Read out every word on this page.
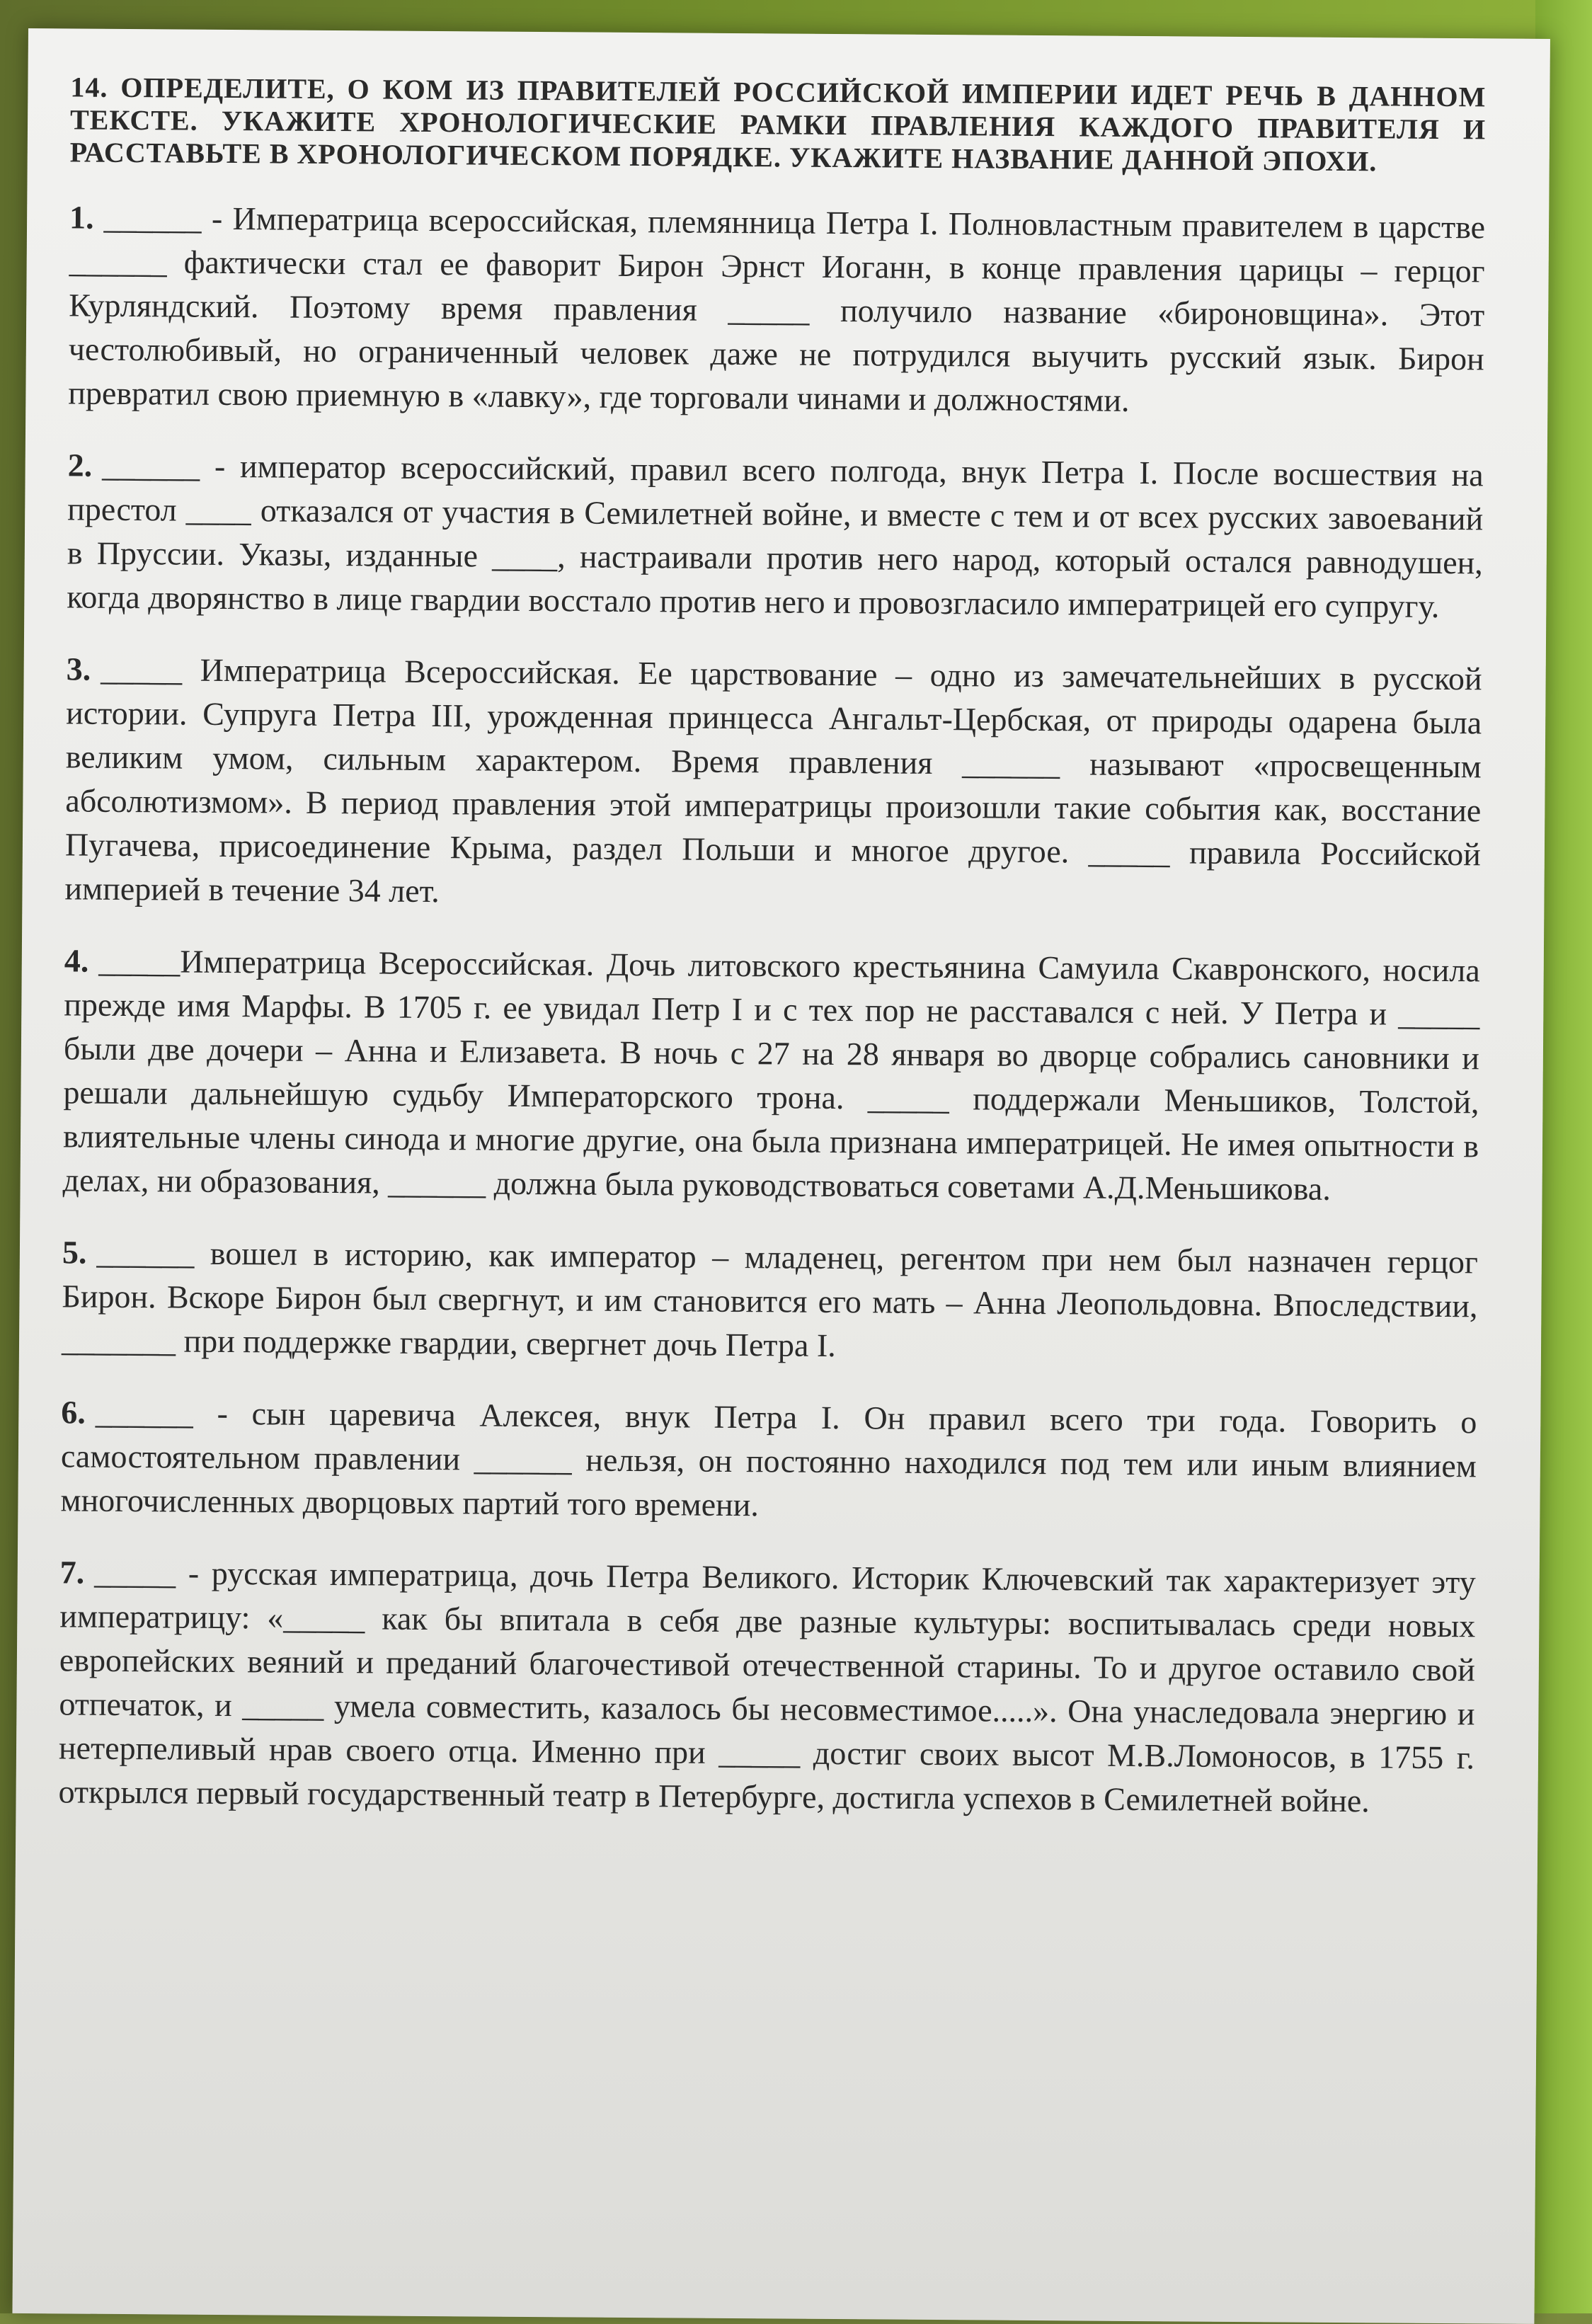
14. ОПРЕДЕЛИТЕ, О КОМ ИЗ ПРАВИТЕЛЕЙ РОССИЙСКОЙ ИМПЕРИИ ИДЕТ РЕЧЬ В ДАННОМ ТЕКСТЕ. УКАЖИТЕ ХРОНОЛОГИЧЕСКИЕ РАМКИ ПРАВЛЕНИЯ КАЖДОГО ПРАВИТЕЛЯ И РАССТАВЬТЕ В ХРОНОЛОГИЧЕСКОМ ПОРЯДКЕ. УКАЖИТЕ НАЗВАНИЕ ДАННОЙ ЭПОХИ.
1. ______ - Императрица всероссийская, племянница Петра I. Полновластным правителем в царстве ______ фактически стал ее фаворит Бирон Эрнст Иоганн, в конце правления царицы – герцог Курляндский. Поэтому время правления _____ получило название «бироновщина». Этот честолюбивый, но ограниченный человек даже не потрудился выучить русский язык. Бирон превратил свою приемную в «лавку», где торговали чинами и должностями.
2. ______ - император всероссийский, правил всего полгода, внук Петра I. После восшествия на престол ____ отказался от участия в Семилетней войне, и вместе с тем и от всех русских завоеваний в Пруссии. Указы, изданные ____, настраивали против него народ, который остался равнодушен, когда дворянство в лице гвардии восстало против него и провозгласило императрицей его супругу.
3. _____ Императрица Всероссийская. Ее царствование – одно из замечательнейших в русской истории. Супруга Петра III, урожденная принцесса Ангальт-Цербская, от природы одарена была великим умом, сильным характером. Время правления ______ называют «просвещенным абсолютизмом». В период правления этой императрицы произошли такие события как, восстание Пугачева, присоединение Крыма, раздел Польши и многое другое. _____ правила Российской империей в течение 34 лет.
4. _____Императрица Всероссийская. Дочь литовского крестьянина Самуила Скавронского, носила прежде имя Марфы. В 1705 г. ее увидал Петр I и с тех пор не расставался с ней. У Петра и _____ были две дочери – Анна и Елизавета. В ночь с 27 на 28 января во дворце собрались сановники и решали дальнейшую судьбу Императорского трона. _____ поддержали Меньшиков, Толстой, влиятельные члены синода и многие другие, она была признана императрицей. Не имея опытности в делах, ни образования, ______ должна была руководствоваться советами А.Д.Меньшикова.
5. ______ вошел в историю, как император – младенец, регентом при нем был назначен герцог Бирон. Вскоре Бирон был свергнут, и им становится его мать – Анна Леопольдовна. Впоследствии, _______ при поддержке гвардии, свергнет дочь Петра I.
6. ______ - сын царевича Алексея, внук Петра I. Он правил всего три года. Говорить о самостоятельном правлении ______ нельзя, он постоянно находился под тем или иным влиянием многочисленных дворцовых партий того времени.
7. _____ - русская императрица, дочь Петра Великого. Историк Ключевский так характеризует эту императрицу: «_____ как бы впитала в себя две разные культуры: воспитывалась среди новых европейских веяний и преданий благочестивой отечественной старины. То и другое оставило свой отпечаток, и _____ умела совместить, казалось бы несовместимое.....». Она унаследовала энергию и нетерпеливый нрав своего отца. Именно при _____ достиг своих высот М.В.Ломоносов, в 1755 г. открылся первый государственный театр в Петербурге, достигла успехов в Семилетней войне.
